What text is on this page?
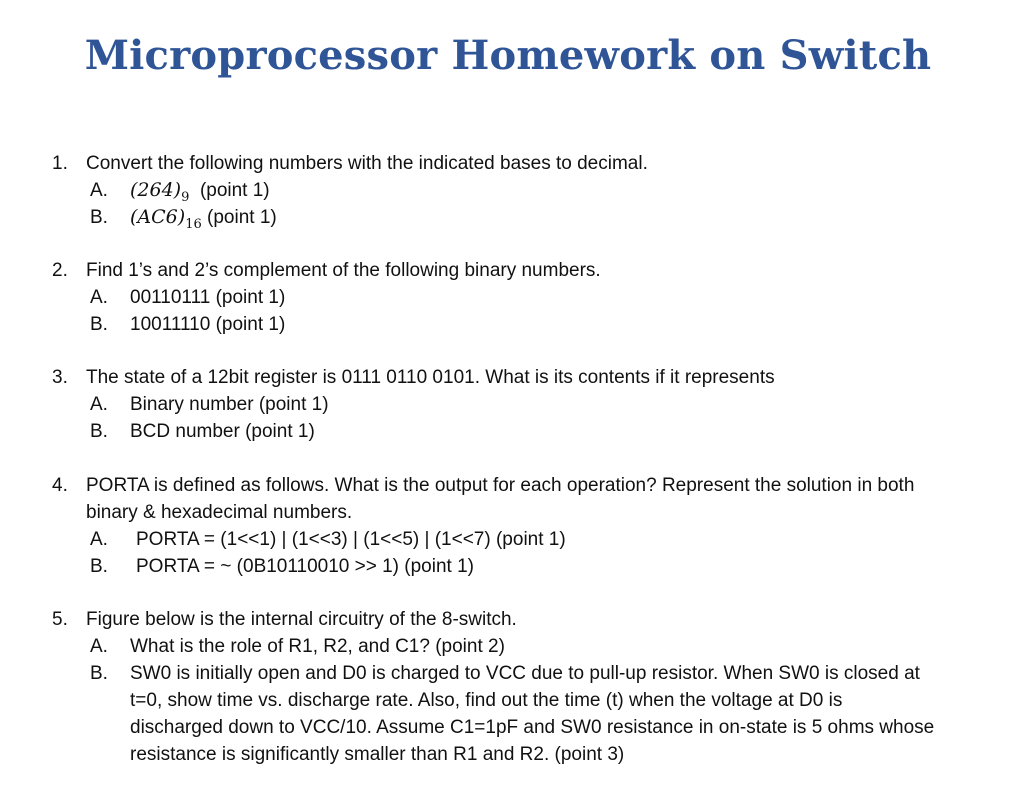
Microprocessor Homework on Switch
1. Convert the following numbers with the indicated bases to decimal.
A. $(264)_9$ (point 1)
B. $(AC6)_{16}$ (point 1)
2. Find 1’s and 2’s complement of the following binary numbers.
A. 00110111 (point 1)
B. 10011110 (point 1)
3. The state of a 12bit register is 0111 0110 0101. What is its contents if it represents
A. Binary number (point 1)
B. BCD number (point 1)
4. PORTA is defined as follows. What is the output for each operation? Represent the solution in both
binary & hexadecimal numbers.
A. PORTA = (1<<1) | (1<<3) | (1<<5) | (1<<7) (point 1)
B. PORTA = ~ (0B10110010 >> 1) (point 1)
5. Figure below is the internal circuitry of the 8-switch.
A. What is the role of R1, R2, and C1? (point 2)
B. SW0 is initially open and D0 is charged to VCC due to pull-up resistor. When SW0 is closed at
t=0, show time vs. discharge rate. Also, find out the time (t) when the voltage at D0 is
discharged down to VCC/10. Assume C1=1pF and SW0 resistance in on-state is 5 ohms whose
resistance is significantly smaller than R1 and R2. (point 3)
